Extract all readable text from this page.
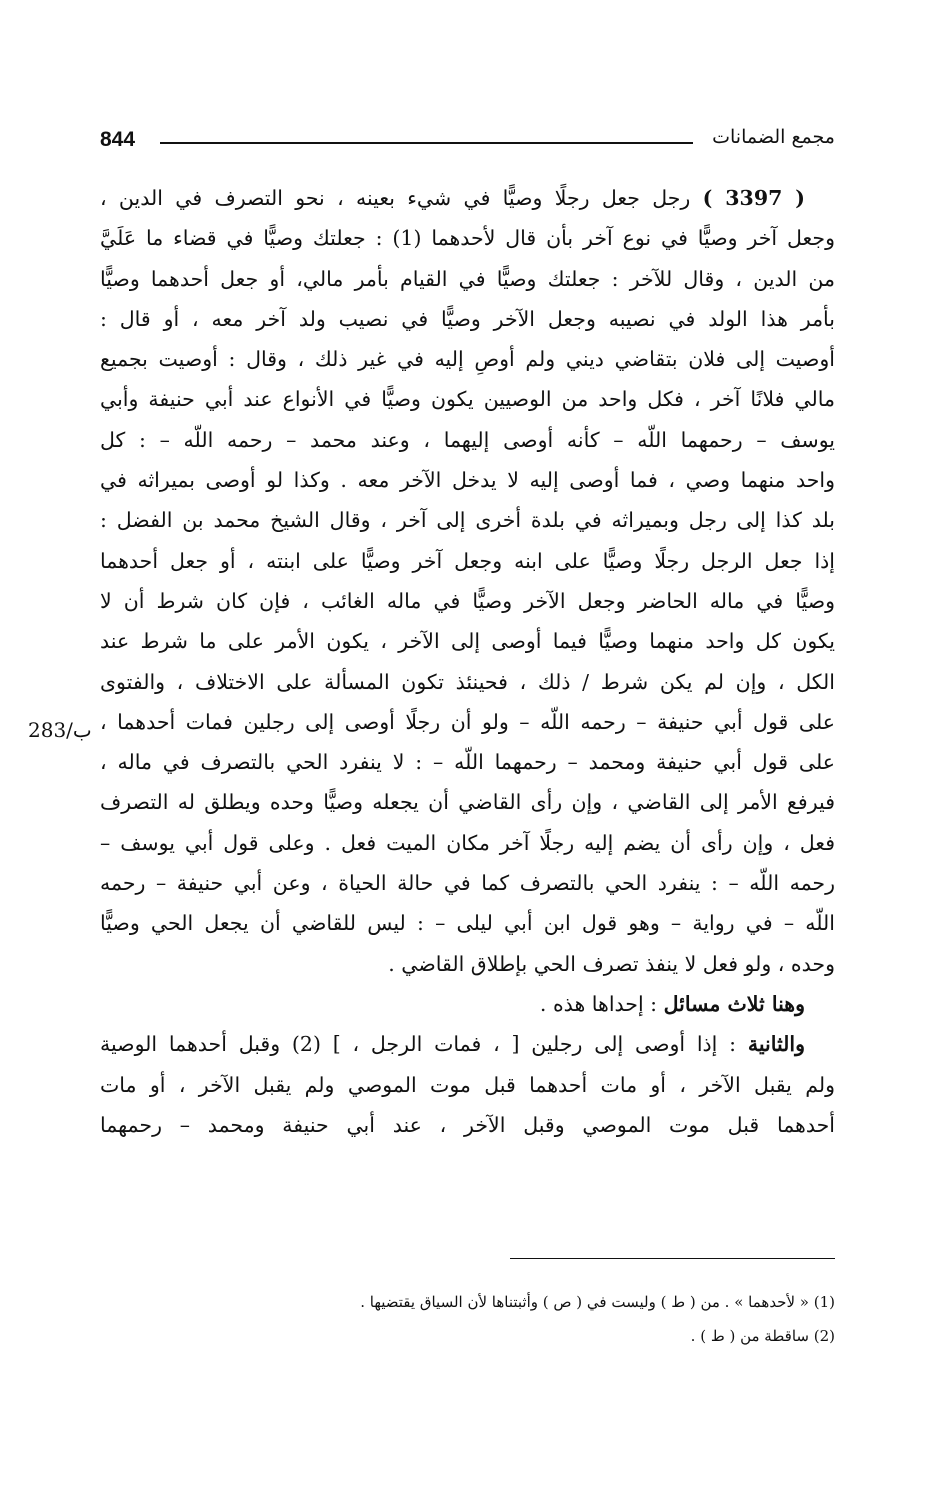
844	مجمع الضمانات
283/ب
( 3397 ) رجل جعل رجلًا وصيًّا في شيء بعينه ، نحو التصرف في الدين ،
وجعل آخر وصيًّا في نوع آخر بأن قال لأحدهما (1) : جعلتك وصيًّا في قضاء ما عَلَيَّ
من الدين ، وقال للآخر : جعلتك وصيًّا في القيام بأمر مالي، أو جعل أحدهما وصيًّا
بأمر هذا الولد في نصيبه وجعل الآخر وصيًّا في نصيب ولد آخر معه ، أو قال :
أوصيت إلى فلان بتقاضي ديني ولم أوصِ إليه في غير ذلك ، وقال : أوصيت بجميع
مالي فلانًا آخر ، فكل واحد من الوصيين يكون وصيًّا في الأنواع عند أبي حنيفة وأبي
يوسف – رحمهما اللّه – كأنه أوصى إليهما ، وعند محمد – رحمه اللّه – : كل
واحد منهما وصي ، فما أوصى إليه لا يدخل الآخر معه . وكذا لو أوصى بميراثه في
بلد كذا إلى رجل وبميراثه في بلدة أخرى إلى آخر ، وقال الشيخ محمد بن الفضل :
إذا جعل الرجل رجلًا وصيًّا على ابنه وجعل آخر وصيًّا على ابنته ، أو جعل أحدهما
وصيًّا في ماله الحاضر وجعل الآخر وصيًّا في ماله الغائب ، فإن كان شرط أن لا
يكون كل واحد منهما وصيًّا فيما أوصى إلى الآخر ، يكون الأمر على ما شرط عند
الكل ، وإن لم يكن شرط / ذلك ، فحينئذ تكون المسألة على الاختلاف ، والفتوى
على قول أبي حنيفة – رحمه اللّه – ولو أن رجلًا أوصى إلى رجلين فمات أحدهما ،
على قول أبي حنيفة ومحمد – رحمهما اللّه – : لا ينفرد الحي بالتصرف في ماله ،
فيرفع الأمر إلى القاضي ، وإن رأى القاضي أن يجعله وصيًّا وحده ويطلق له التصرف
فعل ، وإن رأى أن يضم إليه رجلًا آخر مكان الميت فعل . وعلى قول أبي يوسف –
رحمه اللّه – : ينفرد الحي بالتصرف كما في حالة الحياة ، وعن أبي حنيفة – رحمه
اللّه – في رواية – وهو قول ابن أبي ليلى – : ليس للقاضي أن يجعل الحي وصيًّا
وحده ، ولو فعل لا ينفذ تصرف الحي بإطلاق القاضي .
وهنا ثلاث مسائل : إحداها هذه .
والثانية : إذا أوصى إلى رجلين [ ، فمات الرجل ، ] (2) وقبل أحدهما الوصية
ولم يقبل الآخر ، أو مات أحدهما قبل موت الموصي ولم يقبل الآخر ، أو مات
أحدهما قبل موت الموصي وقبل الآخر ، عند أبي حنيفة ومحمد – رحمهما
(1) « لأحدهما » . من ( ط ) وليست في ( ص ) وأثبتناها لأن السياق يقتضيها .
(2) ساقطة من ( ط ) .
